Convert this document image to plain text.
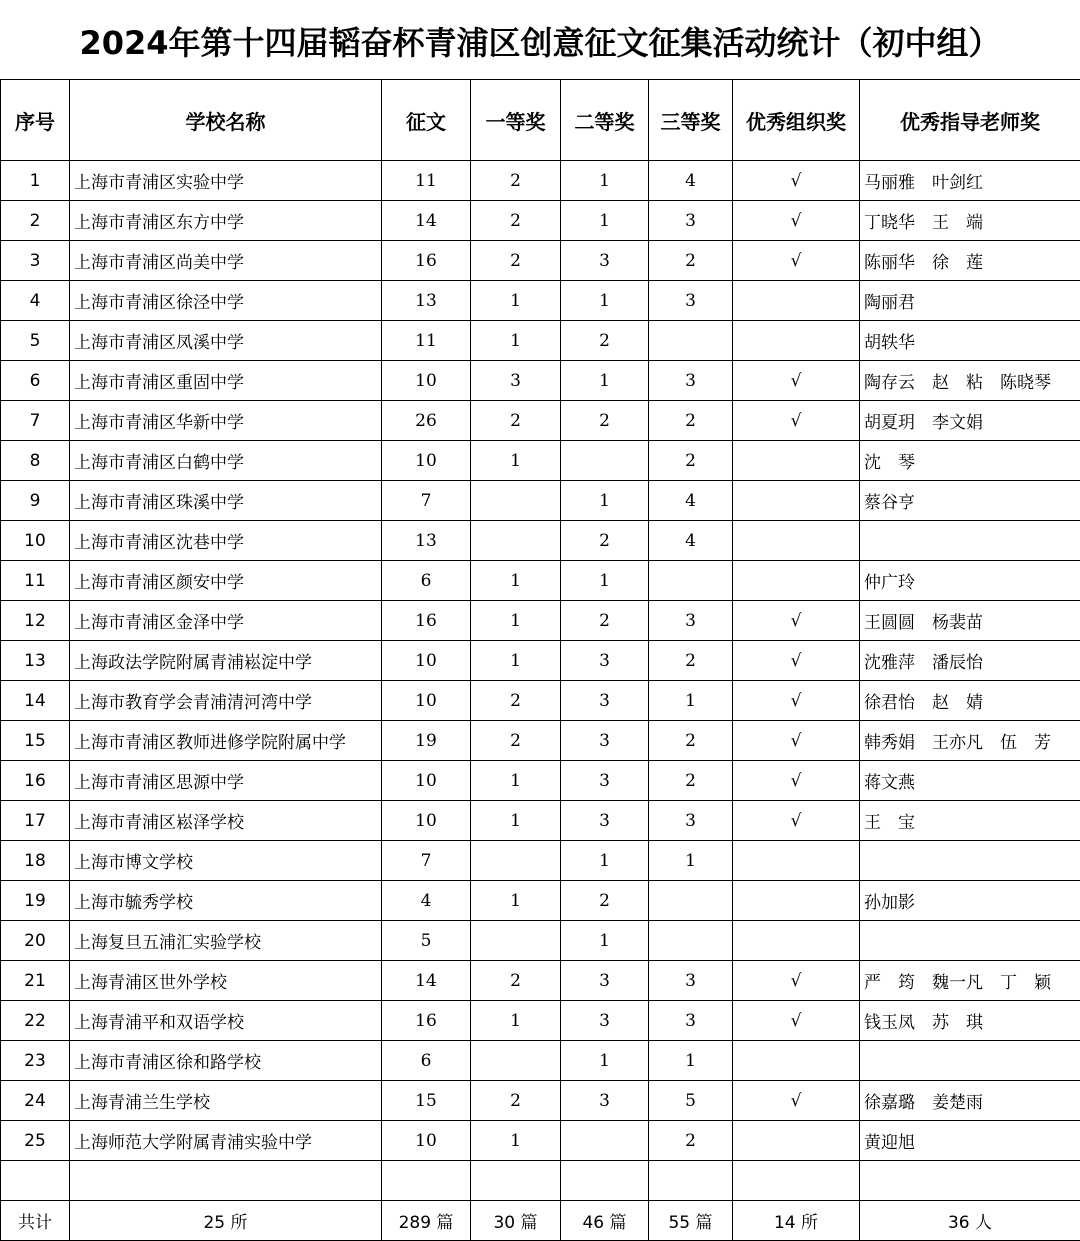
2024年第十四届韬奋杯青浦区创意征文征集活动统计（初中组）
序号	学校名称	征文	一等奖	二等奖	三等奖	优秀组织奖	优秀指导老师奖
1	上海市青浦区实验中学	11	2	1	4	√	马丽雅　叶剑红
2	上海市青浦区东方中学	14	2	1	3	√	丁晓华　王　端
3	上海市青浦区尚美中学	16	2	3	2	√	陈丽华　徐　莲
4	上海市青浦区徐泾中学	13	1	1	3		陶丽君
5	上海市青浦区凤溪中学	11	1	2			胡轶华
6	上海市青浦区重固中学	10	3	1	3	√	陶存云　赵　粘　陈晓琴
7	上海市青浦区华新中学	26	2	2	2	√	胡夏玥　李文娟
8	上海市青浦区白鹤中学	10	1		2		沈　琴
9	上海市青浦区珠溪中学	7		1	4		蔡谷亨
10	上海市青浦区沈巷中学	13		2	4		
11	上海市青浦区颜安中学	6	1	1			仲广玲
12	上海市青浦区金泽中学	16	1	2	3	√	王圆圆　杨裴苗
13	上海政法学院附属青浦崧淀中学	10	1	3	2	√	沈雅萍　潘辰怡
14	上海市教育学会青浦清河湾中学	10	2	3	1	√	徐君怡　赵　婧
15	上海市青浦区教师进修学院附属中学	19	2	3	2	√	韩秀娟　王亦凡　伍　芳
16	上海市青浦区思源中学	10	1	3	2	√	蒋文燕
17	上海市青浦区崧泽学校	10	1	3	3	√	王　宝
18	上海市博文学校	7		1	1		
19	上海市毓秀学校	4	1	2			孙加影
20	上海复旦五浦汇实验学校	5		1			
21	上海青浦区世外学校	14	2	3	3	√	严　筠　魏一凡　丁　颖
22	上海青浦平和双语学校	16	1	3	3	√	钱玉凤　苏　琪
23	上海市青浦区徐和路学校	6		1	1		
24	上海青浦兰生学校	15	2	3	5	√	徐嘉璐　姜楚雨
25	上海师范大学附属青浦实验中学	10	1		2		黄迎旭

共计	25 所	289 篇	30 篇	46 篇	55 篇	14 所	36 人
